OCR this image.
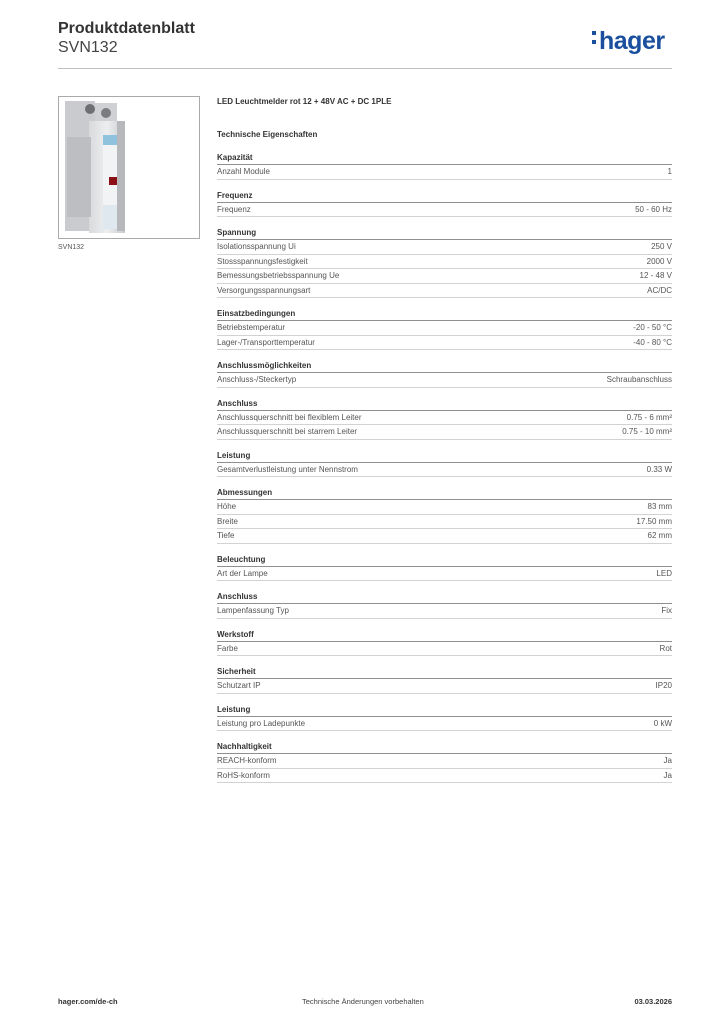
Produktdatenblatt
SVN132	hager
SVN132
LED Leuchtmelder rot 12 + 48V AC + DC 1PLE
Technische Eigenschaften
Kapazität
Anzahl Module	1
Frequenz
Frequenz	50 - 60 Hz
Spannung
Isolationsspannung Ui	250 V
Stossspannungsfestigkeit	2000 V
Bemessungsbetriebsspannung Ue	12 - 48 V
Versorgungsspannungsart	AC/DC
Einsatzbedingungen
Betriebstemperatur	-20 - 50 °C
Lager-/Transporttemperatur	-40 - 80 °C
Anschlussmöglichkeiten
Anschluss-/Steckertyp	Schraubanschluss
Anschluss
Anschlussquerschnitt bei flexiblem Leiter	0.75 - 6 mm²
Anschlussquerschnitt bei starrem Leiter	0.75 - 10 mm²
Leistung
Gesamtverlustleistung unter Nennstrom	0.33 W
Abmessungen
Höhe	83 mm
Breite	17.50 mm
Tiefe	62 mm
Beleuchtung
Art der Lampe	LED
Anschluss
Lampenfassung Typ	Fix
Werkstoff
Farbe	Rot
Sicherheit
Schutzart IP	IP20
Leistung
Leistung pro Ladepunkte	0 kW
Nachhaltigkeit
REACH-konform	Ja
RoHS-konform	Ja
hager.com/de-ch	Technische Änderungen vorbehalten	03.03.2026
